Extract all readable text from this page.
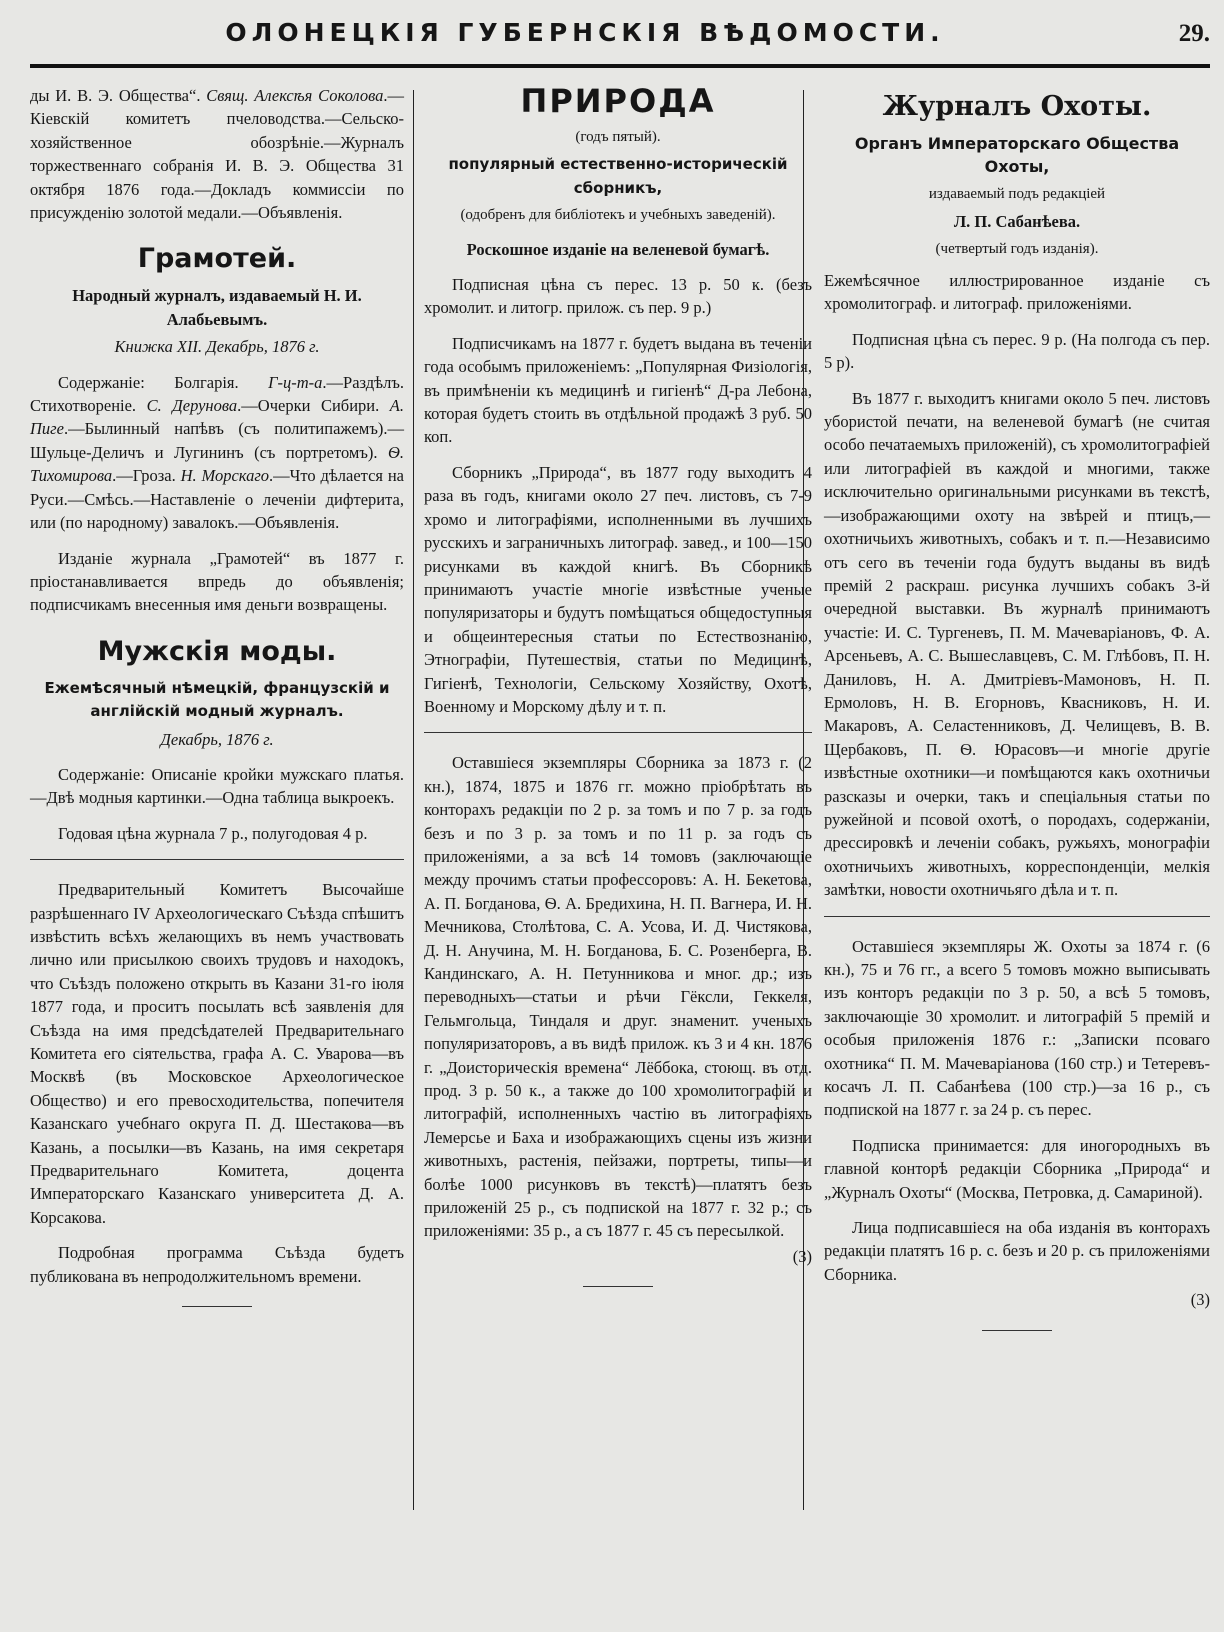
ОЛОНЕЦКІЯ ГУБЕРНСКІЯ ВѢДОМОСТИ.	29.

ды И. В. Э. Общества“. Свящ. Алексѣя Соколова.—Кіевскій комитетъ пчеловодства.—Сельско-хозяйственное обозрѣніе.—Журналъ торжественнаго собранія И. В. Э. Общества 31 октября 1876 года.—Докладъ коммиссіи по присужденію золотой медали.—Объявленія.

Грамотей.
Народный журналъ, издаваемый Н. И. Алабьевымъ.
Книжка XII. Декабрь, 1876 г.

Содержаніе: Болгарія. Г-ц-т-а.—Раздѣлъ. Стихотвореніе. С. Дерунова.—Очерки Сибири. А. Пиге.—Былинный напѣвъ (съ политипажемъ).—Шульце-Деличъ и Лугининъ (съ портретомъ). Ѳ. Тихомирова.—Гроза. Н. Морскаго.—Что дѣлается на Руси.—Смѣсь.—Наставленіе о леченіи дифтерита, или (по народному) завалокъ.—Объявленія.

Изданіе журнала „Грамотей“ въ 1877 г. пріостанавливается впредь до объявленія; подписчикамъ внесенныя имя деньги возвращены.

Мужскія моды.
Ежемѣсячный нѣмецкій, французскій и англійскій модный журналъ.
Декабрь, 1876 г.

Содержаніе: Описаніе кройки мужскаго платья.—Двѣ модныя картинки.—Одна таблица выкроекъ.

Годовая цѣна журнала 7 р., полугодовая 4 р.

Предварительный Комитетъ Высочайше разрѣшеннаго IV Археологическаго Съѣзда спѣшитъ извѣстить всѣхъ желающихъ въ немъ участвовать лично или присылкою своихъ трудовъ и находокъ, что Съѣздъ положено открыть въ Казани 31-го іюля 1877 года, и проситъ посылать всѣ заявленія для Съѣзда на имя предсѣдателей Предварительнаго Комитета его сіятельства, графа А. С. Уварова—въ Москвѣ (въ Московское Археологическое Общество) и его превосходительства, попечителя Казанскаго учебнаго округа П. Д. Шестакова—въ Казань, а посылки—въ Казань, на имя секретаря Предварительнаго Комитета, доцента Императорскаго Казанскаго университета Д. А. Корсакова.

Подробная программа Съѣзда будетъ публикована въ непродолжительномъ времени.

ПРИРОДА
(годъ пятый).
популярный естественно-историческій сборникъ,
(одобренъ для библіотекъ и учебныхъ заведеній).
Роскошное изданіе на веленевой бумагѣ.

Подписная цѣна съ перес. 13 р. 50 к. (безъ хромолит. и литогр. прилож. съ пер. 9 р.)

Подписчикамъ на 1877 г. будетъ выдана въ теченіи года особымъ приложеніемъ: „Популярная Физіологія, въ примѣненіи къ медицинѣ и гигіенѣ“ Д-ра Лебона, которая будетъ стоить въ отдѣльной продажѣ 3 руб. 50 коп.

Сборникъ „Природа“, въ 1877 году выходитъ 4 раза въ годъ, книгами около 27 печ. листовъ, съ 7-9 хромо и литографіями, исполненными въ лучшихъ русскихъ и заграничныхъ литограф. завед., и 100—150 рисунками въ каждой книгѣ. Въ Сборникѣ принимаютъ участіе многіе извѣстные ученые популяризаторы и будутъ помѣщаться общедоступныя и общеинтересныя статьи по Естествознанію, Этнографіи, Путешествія, статьи по Медицинѣ, Гигіенѣ, Технологіи, Сельскому Хозяйству, Охотѣ, Военному и Морскому дѣлу и т. п.

Оставшіеся экземпляры Сборника за 1873 г. (2 кн.), 1874, 1875 и 1876 гг. можно пріобрѣтать въ конторахъ редакціи по 2 р. за томъ и по 7 р. за годъ безъ и по 3 р. за томъ и по 11 р. за годъ съ приложеніями, а за всѣ 14 томовъ (заключающіе между прочимъ статьи профессоровъ: А. Н. Бекетова, А. П. Богданова, Ѳ. А. Бредихина, Н. П. Вагнера, И. Н. Мечникова, Столѣтова, С. А. Усова, И. Д. Чистякова, Д. Н. Анучина, М. Н. Богданова, Б. С. Розенберга, В. Кандинскаго, А. Н. Петунникова и мног. др.; изъ переводныхъ—статьи и рѣчи Гёксли, Геккеля, Гельмгольца, Тиндаля и друг. знаменит. ученыхъ популяризаторовъ, а въ видѣ прилож. къ 3 и 4 кн. 1876 г. „Доисторическія времена“ Лёббока, стоющ. въ отд. прод. 3 р. 50 к., а также до 100 хромолитографій и литографій, исполненныхъ частію въ литографіяхъ Лемерсье и Баха и изображающихъ сцены изъ жизни животныхъ, растенія, пейзажи, портреты, типы—и болѣе 1000 рисунковъ въ текстѣ)—платятъ безъ приложеній 25 р., съ подпиской на 1877 г. 32 р.; съ приложеніями: 35 р., а съ 1877 г. 45 съ пересылкой.

(3)
Журналъ Охоты.
Органъ Императорскаго Общества Охоты,
издаваемый подъ редакціей
Л. П. Сабанѣева.
(четвертый годъ изданія).

Ежемѣсячное иллюстрированное изданіе съ хромолитограф. и литограф. приложеніями.

Подписная цѣна съ перес. 9 р. (На полгода съ пер. 5 р).

Въ 1877 г. выходитъ книгами около 5 печ. листовъ убористой печати, на веленевой бумагѣ (не считая особо печатаемыхъ приложеній), съ хромолитографіей или литографіей въ каждой и многими, также исключительно оригинальными рисунками въ текстѣ,—изображающими охоту на звѣрей и птицъ,—охотничьихъ животныхъ, собакъ и т. п.—Независимо отъ сего въ теченіи года будутъ выданы въ видѣ премій 2 раскраш. рисунка лучшихъ собакъ 3-й очередной выставки. Въ журналѣ принимаютъ участіе: И. С. Тургеневъ, П. М. Мачеваріановъ, Ф. А. Арсеньевъ, А. С. Вышеславцевъ, С. М. Глѣбовъ, П. Н. Даниловъ, Н. А. Дмитріевъ-Мамоновъ, Н. П. Ермоловъ, Н. В. Егорновъ, Квасниковъ, Н. И. Макаровъ, А. Селастенниковъ, Д. Челищевъ, В. В. Щербаковъ, П. Ѳ. Юрасовъ—и многіе другіе извѣстные охотники—и помѣщаются какъ охотничьи разсказы и очерки, такъ и спеціальныя статьи по ружейной и псовой охотѣ, о породахъ, содержаніи, дрессировкѣ и леченіи собакъ, ружьяхъ, монографіи охотничьихъ животныхъ, корреспонденціи, мелкія замѣтки, новости охотничьяго дѣла и т. п.

Оставшіеся экземпляры Ж. Охоты за 1874 г. (6 кн.), 75 и 76 гг., а всего 5 томовъ можно выписывать изъ конторъ редакціи по 3 р. 50, а всѣ 5 томовъ, заключающіе 30 хромолит. и литографій 5 премій и особыя приложенія 1876 г.: „Записки псоваго охотника“ П. М. Мачеваріанова (160 стр.) и Тетеревъ-косачъ Л. П. Сабанѣева (100 стр.)—за 16 р., съ подпиской на 1877 г. за 24 р. съ перес.

Подписка принимается: для иногородныхъ въ главной конторѣ редакціи Сборника „Природа“ и „Журналъ Охоты“ (Москва, Петровка, д. Самариной).

Лица подписавшіеся на оба изданія въ конторахъ редакціи платятъ 16 р. с. безъ и 20 р. съ приложеніями Сборника.

(3)
